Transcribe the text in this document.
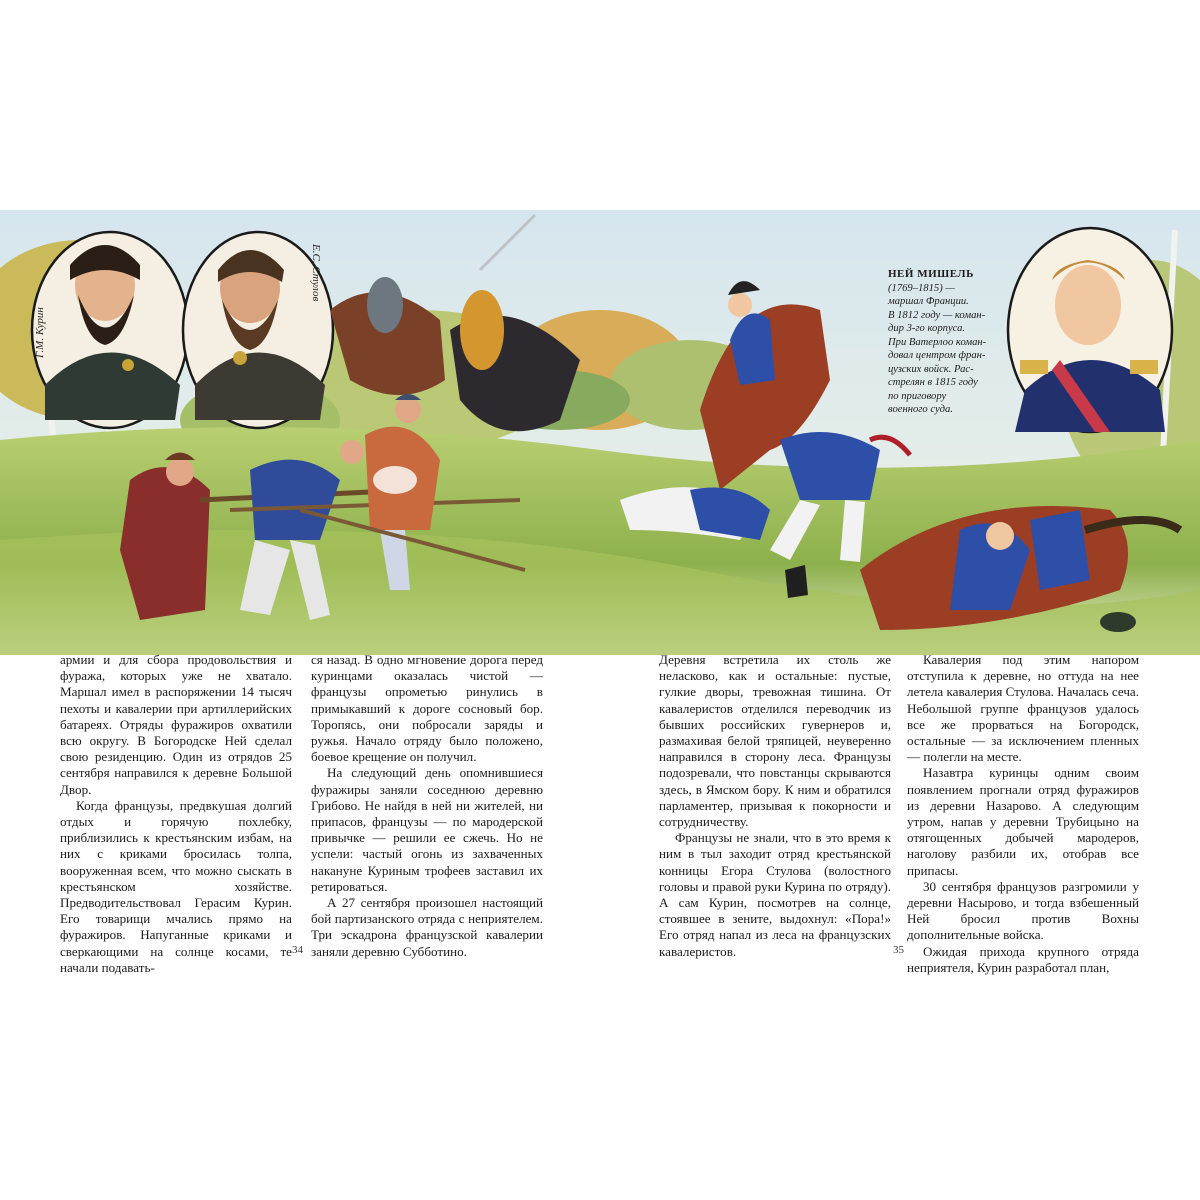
Г.М. Курин
Е.С. Стулов	НЕЙ МИШЕЛЬ
(1769–1815) —
маршал Франции.
В 1812 году — коман-
дир 3-го корпуса.
При Ватерлоо коман-
довал центром фран-
цузских войск. Рас-
стрелян в 1815 году
по приговору
военного суда.

армии и для сбора продовольствия и фуража, которых уже не хватало. Маршал имел в распоряжении 14 тысяч пехоты и кавалерии при артиллерийских батареях. Отряды фуражиров охватили всю округу. В Богородске Ней сделал свою резиденцию. Один из отрядов 25 сентября направился к деревне Большой Двор.

Когда французы, предвкушая долгий отдых и горячую похлебку, приблизились к крестьянским избам, на них с криками бросилась толпа, вооруженная всем, что можно сыскать в крестьянском хозяйстве. Предводительствовал Герасим Курин. Его товарищи мчались прямо на фуражиров. Напуганные криками и сверкающими на солнце косами, те начали подавать-

ся назад. В одно мгновение дорога перед куринцами оказалась чистой — французы опрометью ринулись в примыкавший к дороге сосновый бор. Торопясь, они побросали заряды и ружья. Начало отряду было положено, боевое крещение он получил.

На следующий день опомнившиеся фуражиры заняли соседнюю деревню Грибово. Не найдя в ней ни жителей, ни припасов, французы — по мародерской привычке — решили ее сжечь. Но не успели: частый огонь из захваченных накануне Куриным трофеев заставил их ретироваться.

А 27 сентября произошел настоящий бой партизанского отряда с неприятелем. Три эскадрона французской кавалерии заняли деревню Субботино.

Деревня встретила их столь же неласково, как и остальные: пустые, гулкие дворы, тревожная тишина. От кавалеристов отделился переводчик из бывших российских гувернеров и, размахивая белой тряпицей, неуверенно направился в сторону леса. Французы подозревали, что повстанцы скрываются здесь, в Ямском бору. К ним и обратился парламентер, призывая к покорности и сотрудничеству.

Французы не знали, что в это время к ним в тыл заходит отряд крестьянской конницы Егора Стулова (волостного головы и правой руки Курина по отряду). А сам Курин, посмотрев на солнце, стоявшее в зените, выдохнул: «Пора!» Его отряд напал из леса на французских кавалеристов.

Кавалерия под этим напором отступила к деревне, но оттуда на нее летела кавалерия Стулова. Началась сеча. Небольшой группе французов удалось все же прорваться на Богородск, остальные — за исключением пленных — полегли на месте.

Назавтра куринцы одним своим появлением прогнали отряд фуражиров из деревни Назарово. А следующим утром, напав у деревни Трубицыно на отягощенных добычей мародеров, наголову разбили их, отобрав все припасы.

30 сентября французов разгромили у деревни Насырово, и тогда взбешенный Ней бросил против Вохны дополнительные войска.

Ожидая прихода крупного отряда неприятеля, Курин разработал план,

34	35
